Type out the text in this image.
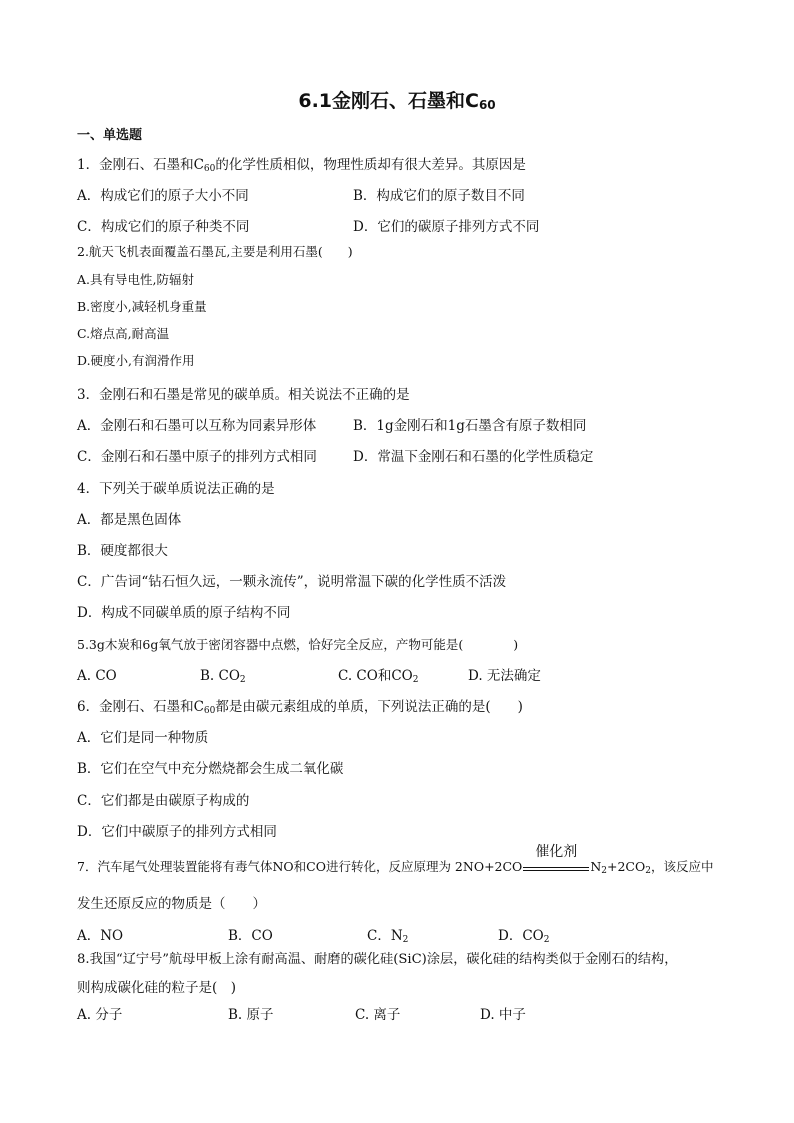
6.1金刚石、石墨和$C_{60}$
一、单选题
1．金刚石、石墨和$C_{60}$的化学性质相似，物理性质却有很大差异。其原因是
A．构成它们的原子大小不同	B．构成它们的原子数目不同
C．构成它们的原子种类不同	D．它们的碳原子排列方式不同
2.航天飞机表面覆盖石墨瓦,主要是利用石墨(　　)
A.具有导电性,防辐射
B.密度小,减轻机身重量
C.熔点高,耐高温
D.硬度小,有润滑作用
3．金刚石和石墨是常见的碳单质。相关说法不正确的是
A．金刚石和石墨可以互称为同素异形体	B．1g金刚石和1g石墨含有原子数相同
C．金刚石和石墨中原子的排列方式相同	D．常温下金刚石和石墨的化学性质稳定
4．下列关于碳单质说法正确的是
A．都是黑色固体
B．硬度都很大
C．广告词“钻石恒久远，一颗永流传”，说明常温下碳的化学性质不活泼
D．构成不同碳单质的原子结构不同
5.3g木炭和6g氧气放于密闭容器中点燃，恰好完全反应，产物可能是(　　　　)
A. CO	B. $CO_2$	C. CO和$CO_2$	D. 无法确定
6．金刚石、石墨和$C_{60}$都是由碳元素组成的单质，下列说法正确的是(　　)
A．它们是同一种物质
B．它们在空气中充分燃烧都会生成二氧化碳
C．它们都是由碳原子构成的
D．它们中碳原子的排列方式相同
7．汽车尾气处理装置能将有毒气体NO和CO进行转化，反应原理为 2NO+2CO
催化剂
$N_2+2CO_2$，该反应中
发生还原反应的物质是（　　）
A．NO	B．CO	C．$N_2$	D．$CO_2$
8.我国“辽宁号”航母甲板上涂有耐高温、耐磨的碳化硅(SiC)涂层，碳化硅的结构类似于金刚石的结构，
则构成碳化硅的粒子是(　)
A. 分子	B. 原子	C. 离子	D. 中子
